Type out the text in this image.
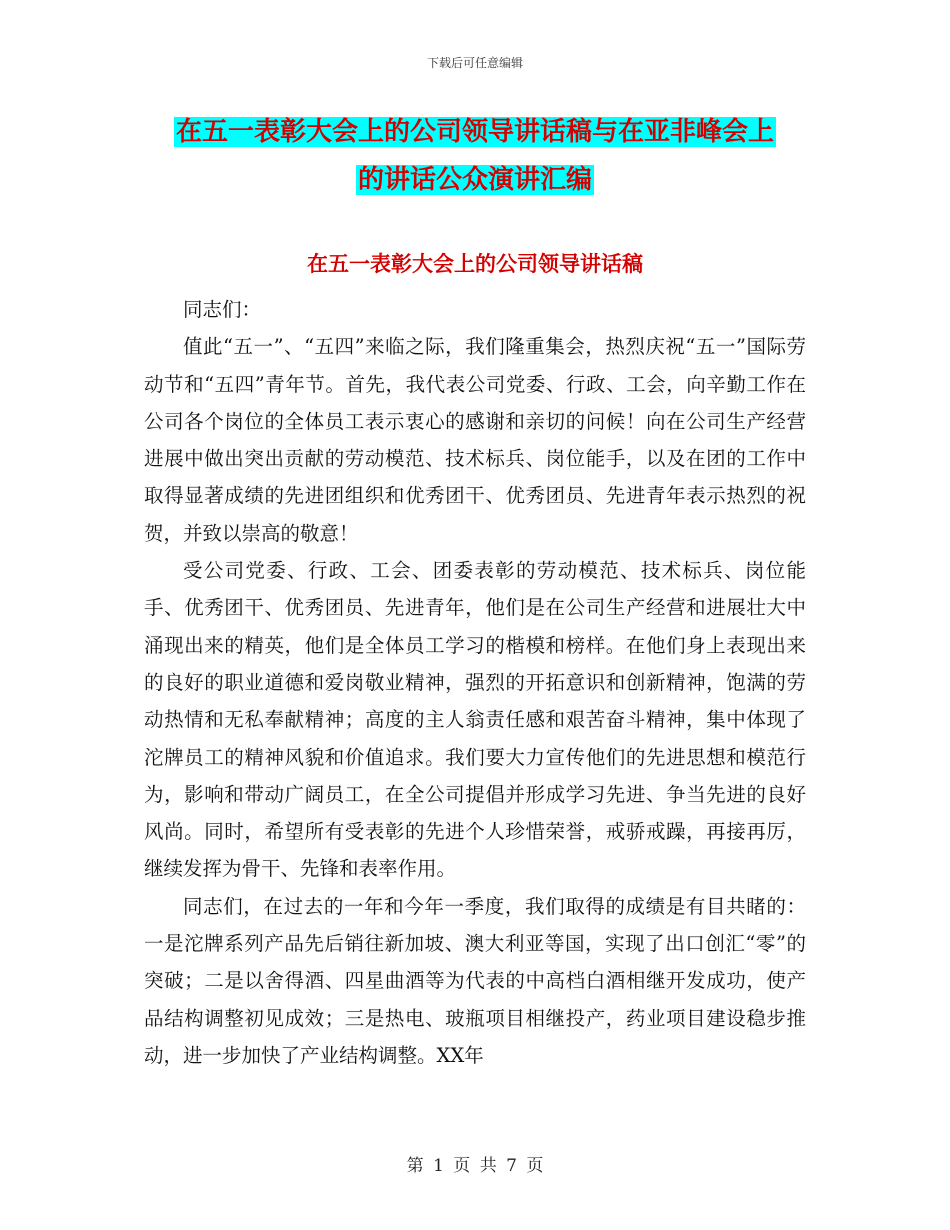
下载后可任意编辑
在五一表彰大会上的公司领导讲话稿与在亚非峰会上
的讲话公众演讲汇编
在五一表彰大会上的公司领导讲话稿

同志们：

值此“五一”、“五四”来临之际，我们隆重集会，热烈庆祝“五一”国际劳动节和“五四”青年节。首先，我代表公司党委、行政、工会，向辛勤工作在公司各个岗位的全体员工表示衷心的感谢和亲切的问候！向在公司生产经营进展中做出突出贡献的劳动模范、技术标兵、岗位能手，以及在团的工作中取得显著成绩的先进团组织和优秀团干、优秀团员、先进青年表示热烈的祝贺，并致以崇高的敬意！

受公司党委、行政、工会、团委表彰的劳动模范、技术标兵、岗位能手、优秀团干、优秀团员、先进青年，他们是在公司生产经营和进展壮大中涌现出来的精英，他们是全体员工学习的楷模和榜样。在他们身上表现出来的良好的职业道德和爱岗敬业精神，强烈的开拓意识和创新精神，饱满的劳动热情和无私奉献精神；高度的主人翁责任感和艰苦奋斗精神，集中体现了沱牌员工的精神风貌和价值追求。我们要大力宣传他们的先进思想和模范行为，影响和带动广阔员工，在全公司提倡并形成学习先进、争当先进的良好风尚。同时，希望所有受表彰的先进个人珍惜荣誉，戒骄戒躁，再接再厉，继续发挥为骨干、先锋和表率作用。

同志们，在过去的一年和今年一季度，我们取得的成绩是有目共睹的：一是沱牌系列产品先后销往新加坡、澳大利亚等国，实现了出口创汇“零”的突破；二是以舍得酒、四星曲酒等为代表的中高档白酒相继开发成功，使产品结构调整初见成效；三是热电、玻瓶项目相继投产，药业项目建设稳步推动，进一步加快了产业结构调整。XX年

第 1 页 共 7 页
